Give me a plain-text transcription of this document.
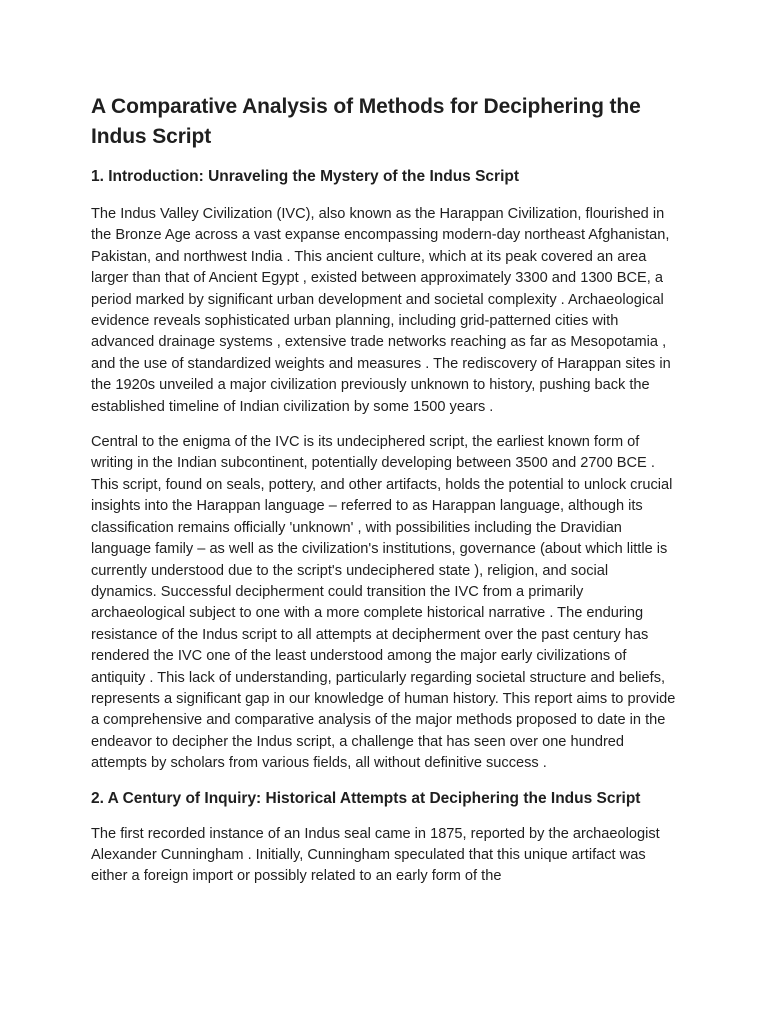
A Comparative Analysis of Methods for Deciphering the Indus Script
1. Introduction: Unraveling the Mystery of the Indus Script

The Indus Valley Civilization (IVC), also known as the Harappan Civilization, flourished in the Bronze Age across a vast expanse encompassing modern-day northeast Afghanistan, Pakistan, and northwest India . This ancient culture, which at its peak covered an area larger than that of Ancient Egypt , existed between approximately 3300 and 1300 BCE, a period marked by significant urban development and societal complexity . Archaeological evidence reveals sophisticated urban planning, including grid-patterned cities with advanced drainage systems , extensive trade networks reaching as far as Mesopotamia , and the use of standardized weights and measures . The rediscovery of Harappan sites in the 1920s unveiled a major civilization previously unknown to history, pushing back the established timeline of Indian civilization by some 1500 years .

Central to the enigma of the IVC is its undeciphered script, the earliest known form of writing in the Indian subcontinent, potentially developing between 3500 and 2700 BCE . This script, found on seals, pottery, and other artifacts, holds the potential to unlock crucial insights into the Harappan language – referred to as Harappan language, although its classification remains officially 'unknown' , with possibilities including the Dravidian language family – as well as the civilization's institutions, governance (about which little is currently understood due to the script's undeciphered state ), religion, and social dynamics. Successful decipherment could transition the IVC from a primarily archaeological subject to one with a more complete historical narrative . The enduring resistance of the Indus script to all attempts at decipherment over the past century has rendered the IVC one of the least understood among the major early civilizations of antiquity . This lack of understanding, particularly regarding societal structure and beliefs, represents a significant gap in our knowledge of human history. This report aims to provide a comprehensive and comparative analysis of the major methods proposed to date in the endeavor to decipher the Indus script, a challenge that has seen over one hundred attempts by scholars from various fields, all without definitive success .

2. A Century of Inquiry: Historical Attempts at Deciphering the Indus Script

The first recorded instance of an Indus seal came in 1875, reported by the archaeologist Alexander Cunningham . Initially, Cunningham speculated that this unique artifact was either a foreign import or possibly related to an early form of the
